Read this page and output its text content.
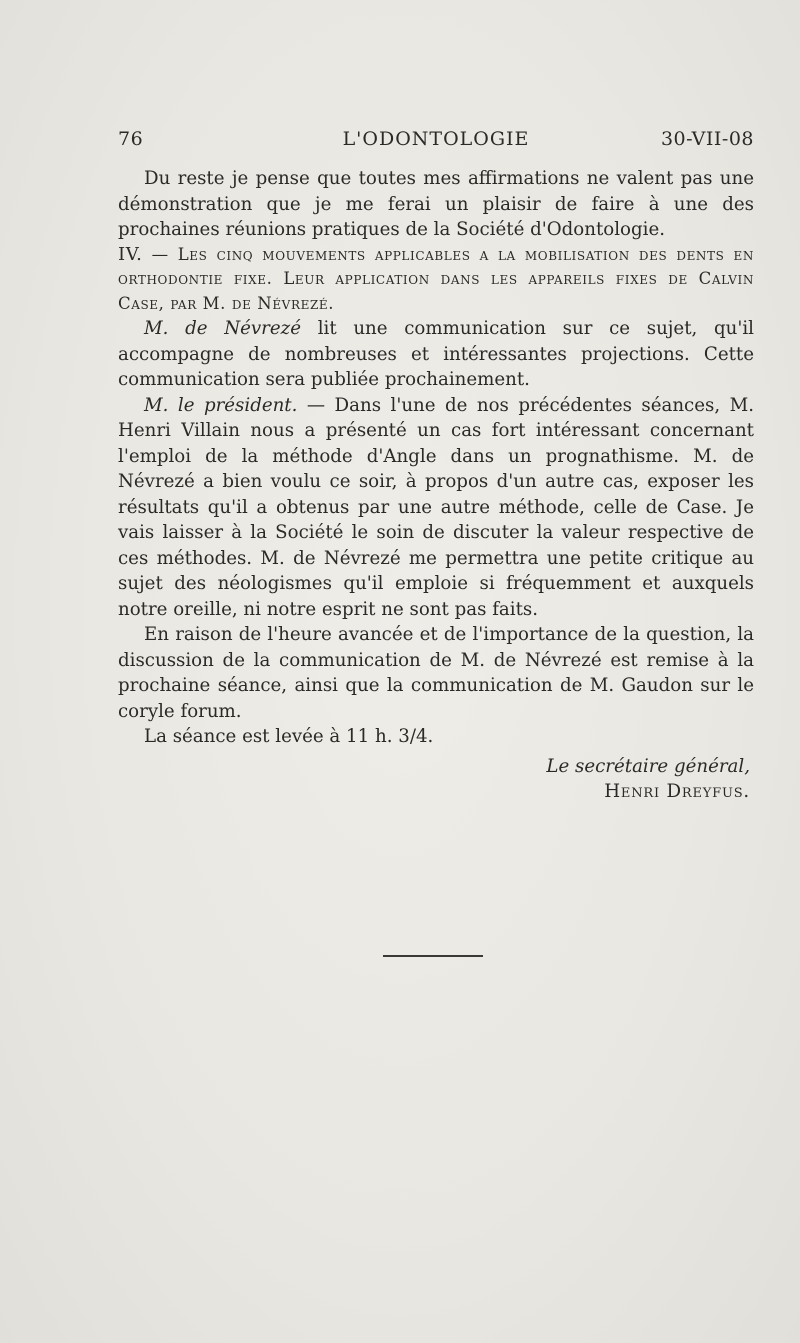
76	L'ODONTOLOGIE	30-VII-08

Du reste je pense que toutes mes affirmations ne valent pas une démonstration que je me ferai un plaisir de faire à une des prochaines réunions pratiques de la Société d'Odontologie.

IV. — Les cinq mouvements applicables a la mobilisation des dents en orthodontie fixe. Leur application dans les appareils fixes de Calvin Case, par M. de Névrezé.

M. de Névrezé lit une communication sur ce sujet, qu'il accompagne de nombreuses et intéressantes projections. Cette communication sera publiée prochainement.

M. le président. — Dans l'une de nos précédentes séances, M. Henri Villain nous a présenté un cas fort intéressant concernant l'emploi de la méthode d'Angle dans un prognathisme. M. de Névrezé a bien voulu ce soir, à propos d'un autre cas, exposer les résultats qu'il a obtenus par une autre méthode, celle de Case. Je vais laisser à la Société le soin de discuter la valeur respective de ces méthodes. M. de Névrezé me permettra une petite critique au sujet des néologismes qu'il emploie si fréquemment et auxquels notre oreille, ni notre esprit ne sont pas faits.

En raison de l'heure avancée et de l'importance de la question, la discussion de la communication de M. de Névrezé est remise à la prochaine séance, ainsi que la communication de M. Gaudon sur le coryle forum.

La séance est levée à 11 h. 3/4.

Le secrétaire général,
Henri Dreyfus.
